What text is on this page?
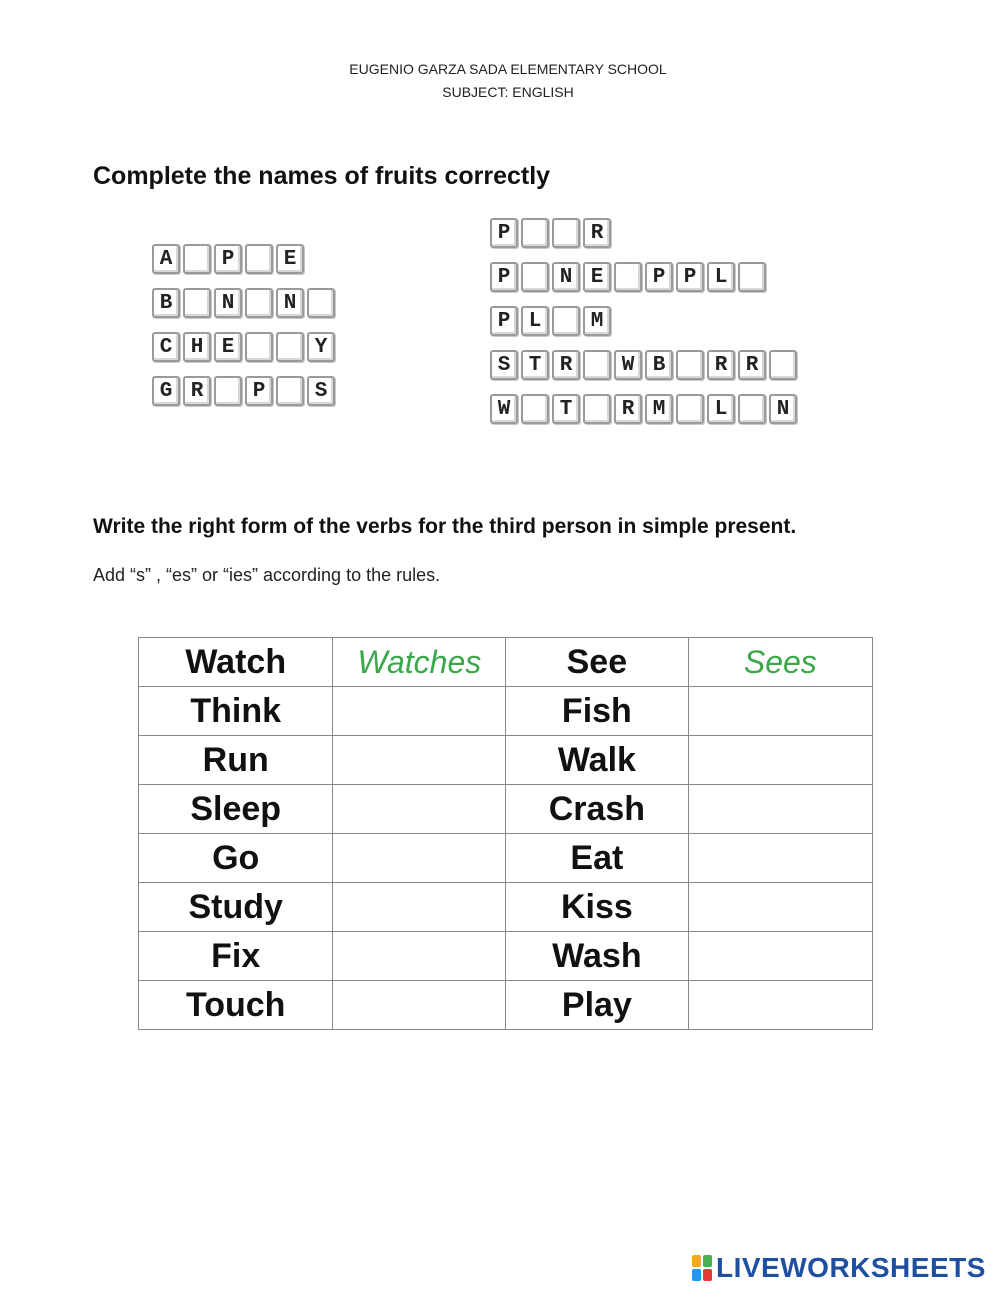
EUGENIO GARZA SADA ELEMENTARY SCHOOL
SUBJECT: ENGLISH
Complete the names of fruits correctly
A	P	E
B	N	N
C H E	Y
G R	P	S
P	R
P	N E	P P L
P L	M
S T R	W B	R R
W	T	R M	L	N
Write the right form of the verbs for the third person in simple present.
Add “s” , “es” or “ies” according to the rules.
Watch	Watches	See	Sees
Think		Fish	
Run		Walk	
Sleep		Crash	
Go		Eat	
Study		Kiss	
Fix		Wash	
Touch		Play	
LIVEWORKSHEETS
